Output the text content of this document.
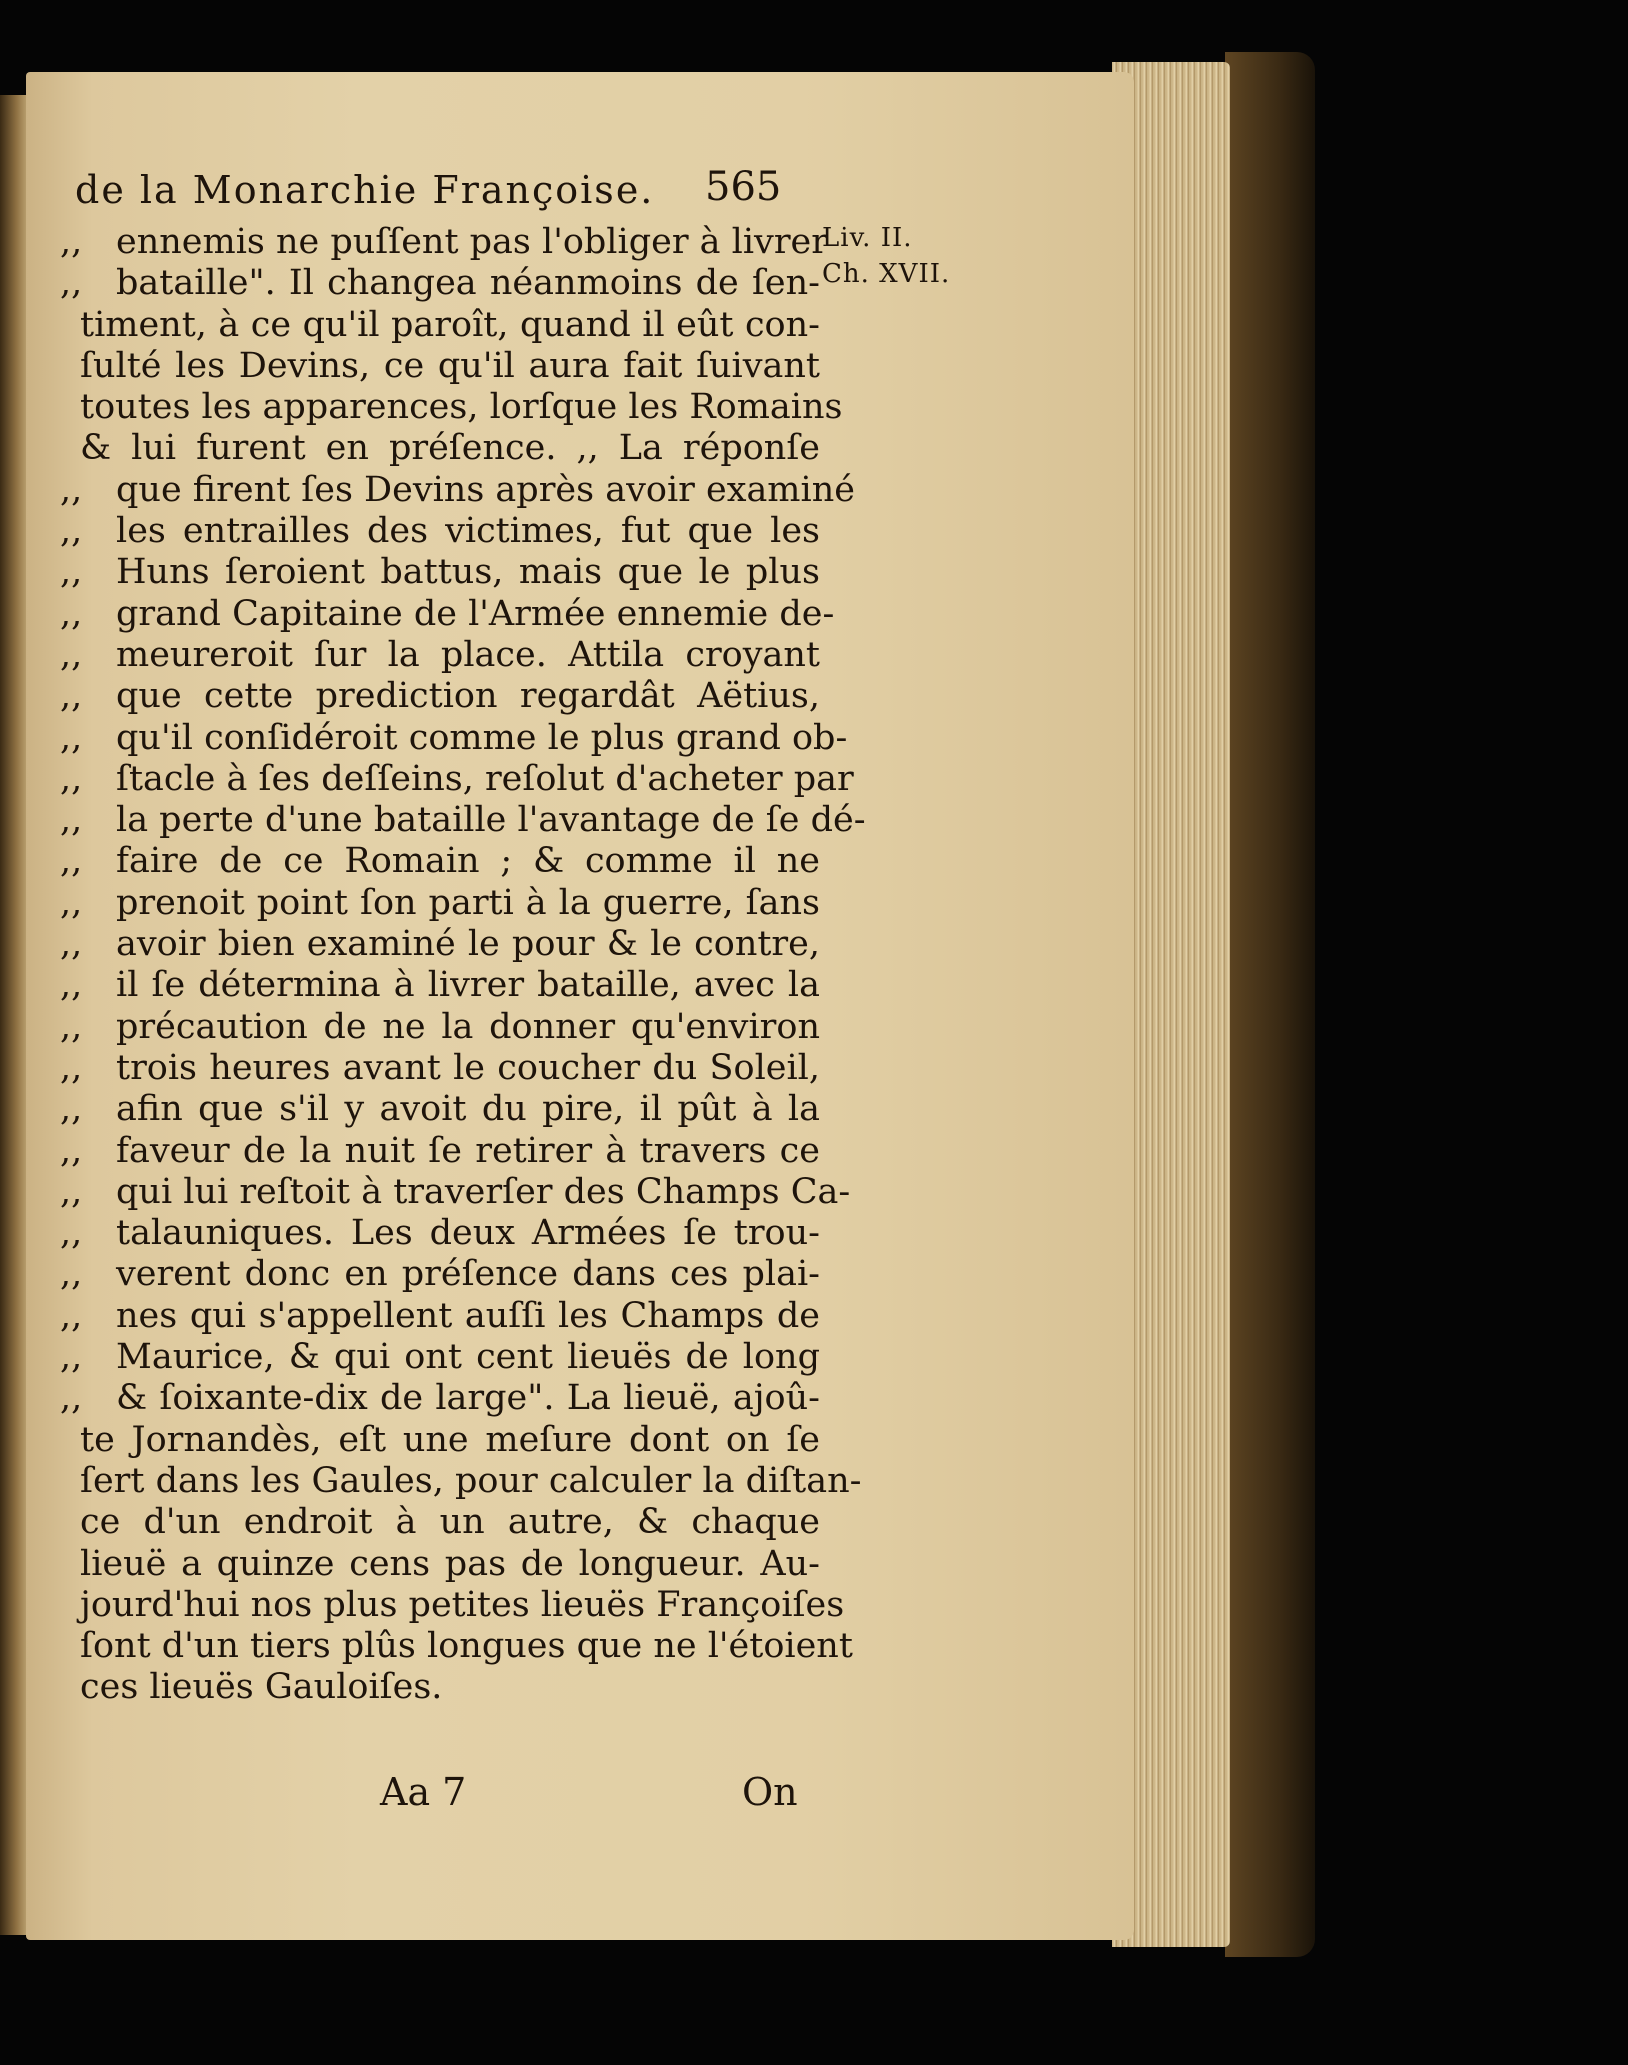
de la Monarchie Françoise. 565
Liv. II.
Ch. XVII.
,, ennemis ne puſſent pas l'obliger à livrer
,, bataille". Il changea néanmoins de ſen-
timent, à ce qu'il paroît, quand il eût con-
ſulté les Devins, ce qu'il aura fait ſuivant
toutes les apparences, lorſque les Romains
& lui furent en préſence. ,, La réponſe
,, que firent ſes Devins après avoir examiné
,, les entrailles des victimes, fut que les
,, Huns ſeroient battus, mais que le plus
,, grand Capitaine de l'Armée ennemie de-
,, meureroit ſur la place. Attila croyant
,, que cette prediction regardât Aëtius,
,, qu'il conſidéroit comme le plus grand ob-
,, ſtacle à ſes deſſeins, reſolut d'acheter par
,, la perte d'une bataille l'avantage de ſe dé-
,, faire de ce Romain ; & comme il ne
,, prenoit point ſon parti à la guerre, ſans
,, avoir bien examiné le pour & le contre,
,, il ſe détermina à livrer bataille, avec la
,, précaution de ne la donner qu'environ
,, trois heures avant le coucher du Soleil,
,, afin que s'il y avoit du pire, il pût à la
,, faveur de la nuit ſe retirer à travers ce
,, qui lui reſtoit à traverſer des Champs Ca-
,, talauniques. Les deux Armées ſe trou-
,, verent donc en préſence dans ces plai-
,, nes qui s'appellent auſſi les Champs de
,, Maurice, & qui ont cent lieuës de long
,, & ſoixante-dix de large". La lieuë, ajoû-
te Jornandès, eſt une meſure dont on ſe
ſert dans les Gaules, pour calculer la diſtan-
ce d'un endroit à un autre, & chaque
lieuë a quinze cens pas de longueur. Au-
jourd'hui nos plus petites lieuës Françoiſes
ſont d'un tiers plûs longues que ne l'étoient
ces lieuës Gauloiſes.
Aa 7	On
